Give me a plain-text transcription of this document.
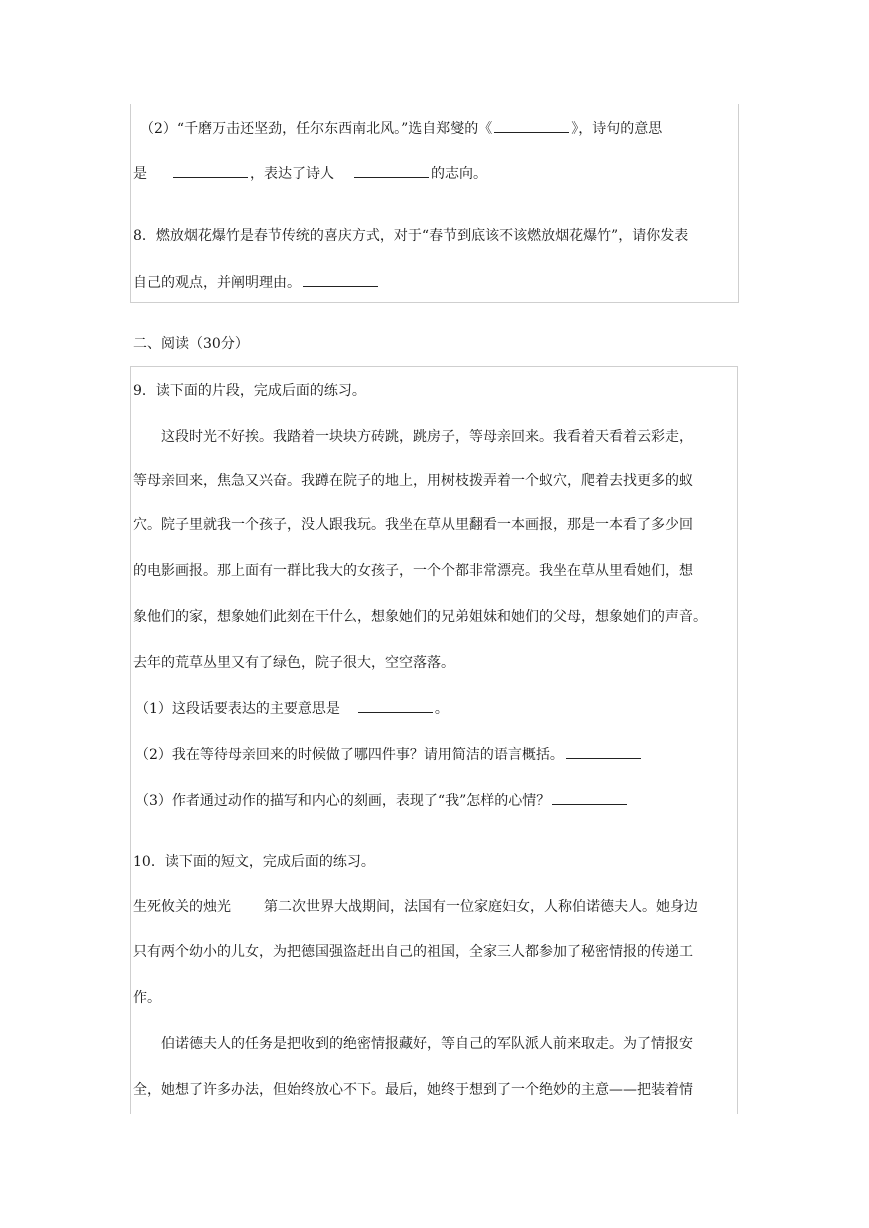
（2）“千磨万击还坚劲，任尔东西南北风。”选自郑燮的《	》，诗句的意思
是	，表达了诗人	的志向。
8．燃放烟花爆竹是春节传统的喜庆方式，对于“春节到底该不该燃放烟花爆竹”，请你发表
自己的观点，并阐明理由。
二、阅读（30分）
9．读下面的片段，完成后面的练习。
这段时光不好挨。我踏着一块块方砖跳，跳房子，等母亲回来。我看着天看着云彩走，
等母亲回来，焦急又兴奋。我蹲在院子的地上，用树枝拨弄着一个蚁穴，爬着去找更多的蚁
穴。院子里就我一个孩子，没人跟我玩。我坐在草从里翻看一本画报，那是一本看了多少回
的电影画报。那上面有一群比我大的女孩子，一个个都非常漂亮。我坐在草从里看她们，想
象他们的家，想象她们此刻在干什么，想象她们的兄弟姐妹和她们的父母，想象她们的声音。
去年的荒草丛里又有了绿色，院子很大，空空落落。
（1）这段话要表达的主要意思是	。
（2）我在等待母亲回来的时候做了哪四件事？请用简洁的语言概括。
（3）作者通过动作的描写和内心的刻画，表现了“我”怎样的心情？
10．读下面的短文，完成后面的练习。
生死攸关的烛光 第二次世界大战期间，法国有一位家庭妇女，人称伯诺德夫人。她身边
只有两个幼小的儿女，为把德国强盗赶出自己的祖国，全家三人都参加了秘密情报的传递工
作。
伯诺德夫人的任务是把收到的绝密情报藏好，等自己的军队派人前来取走。为了情报安
全，她想了许多办法，但始终放心不下。最后，她终于想到了一个绝妙的主意——把装着情
